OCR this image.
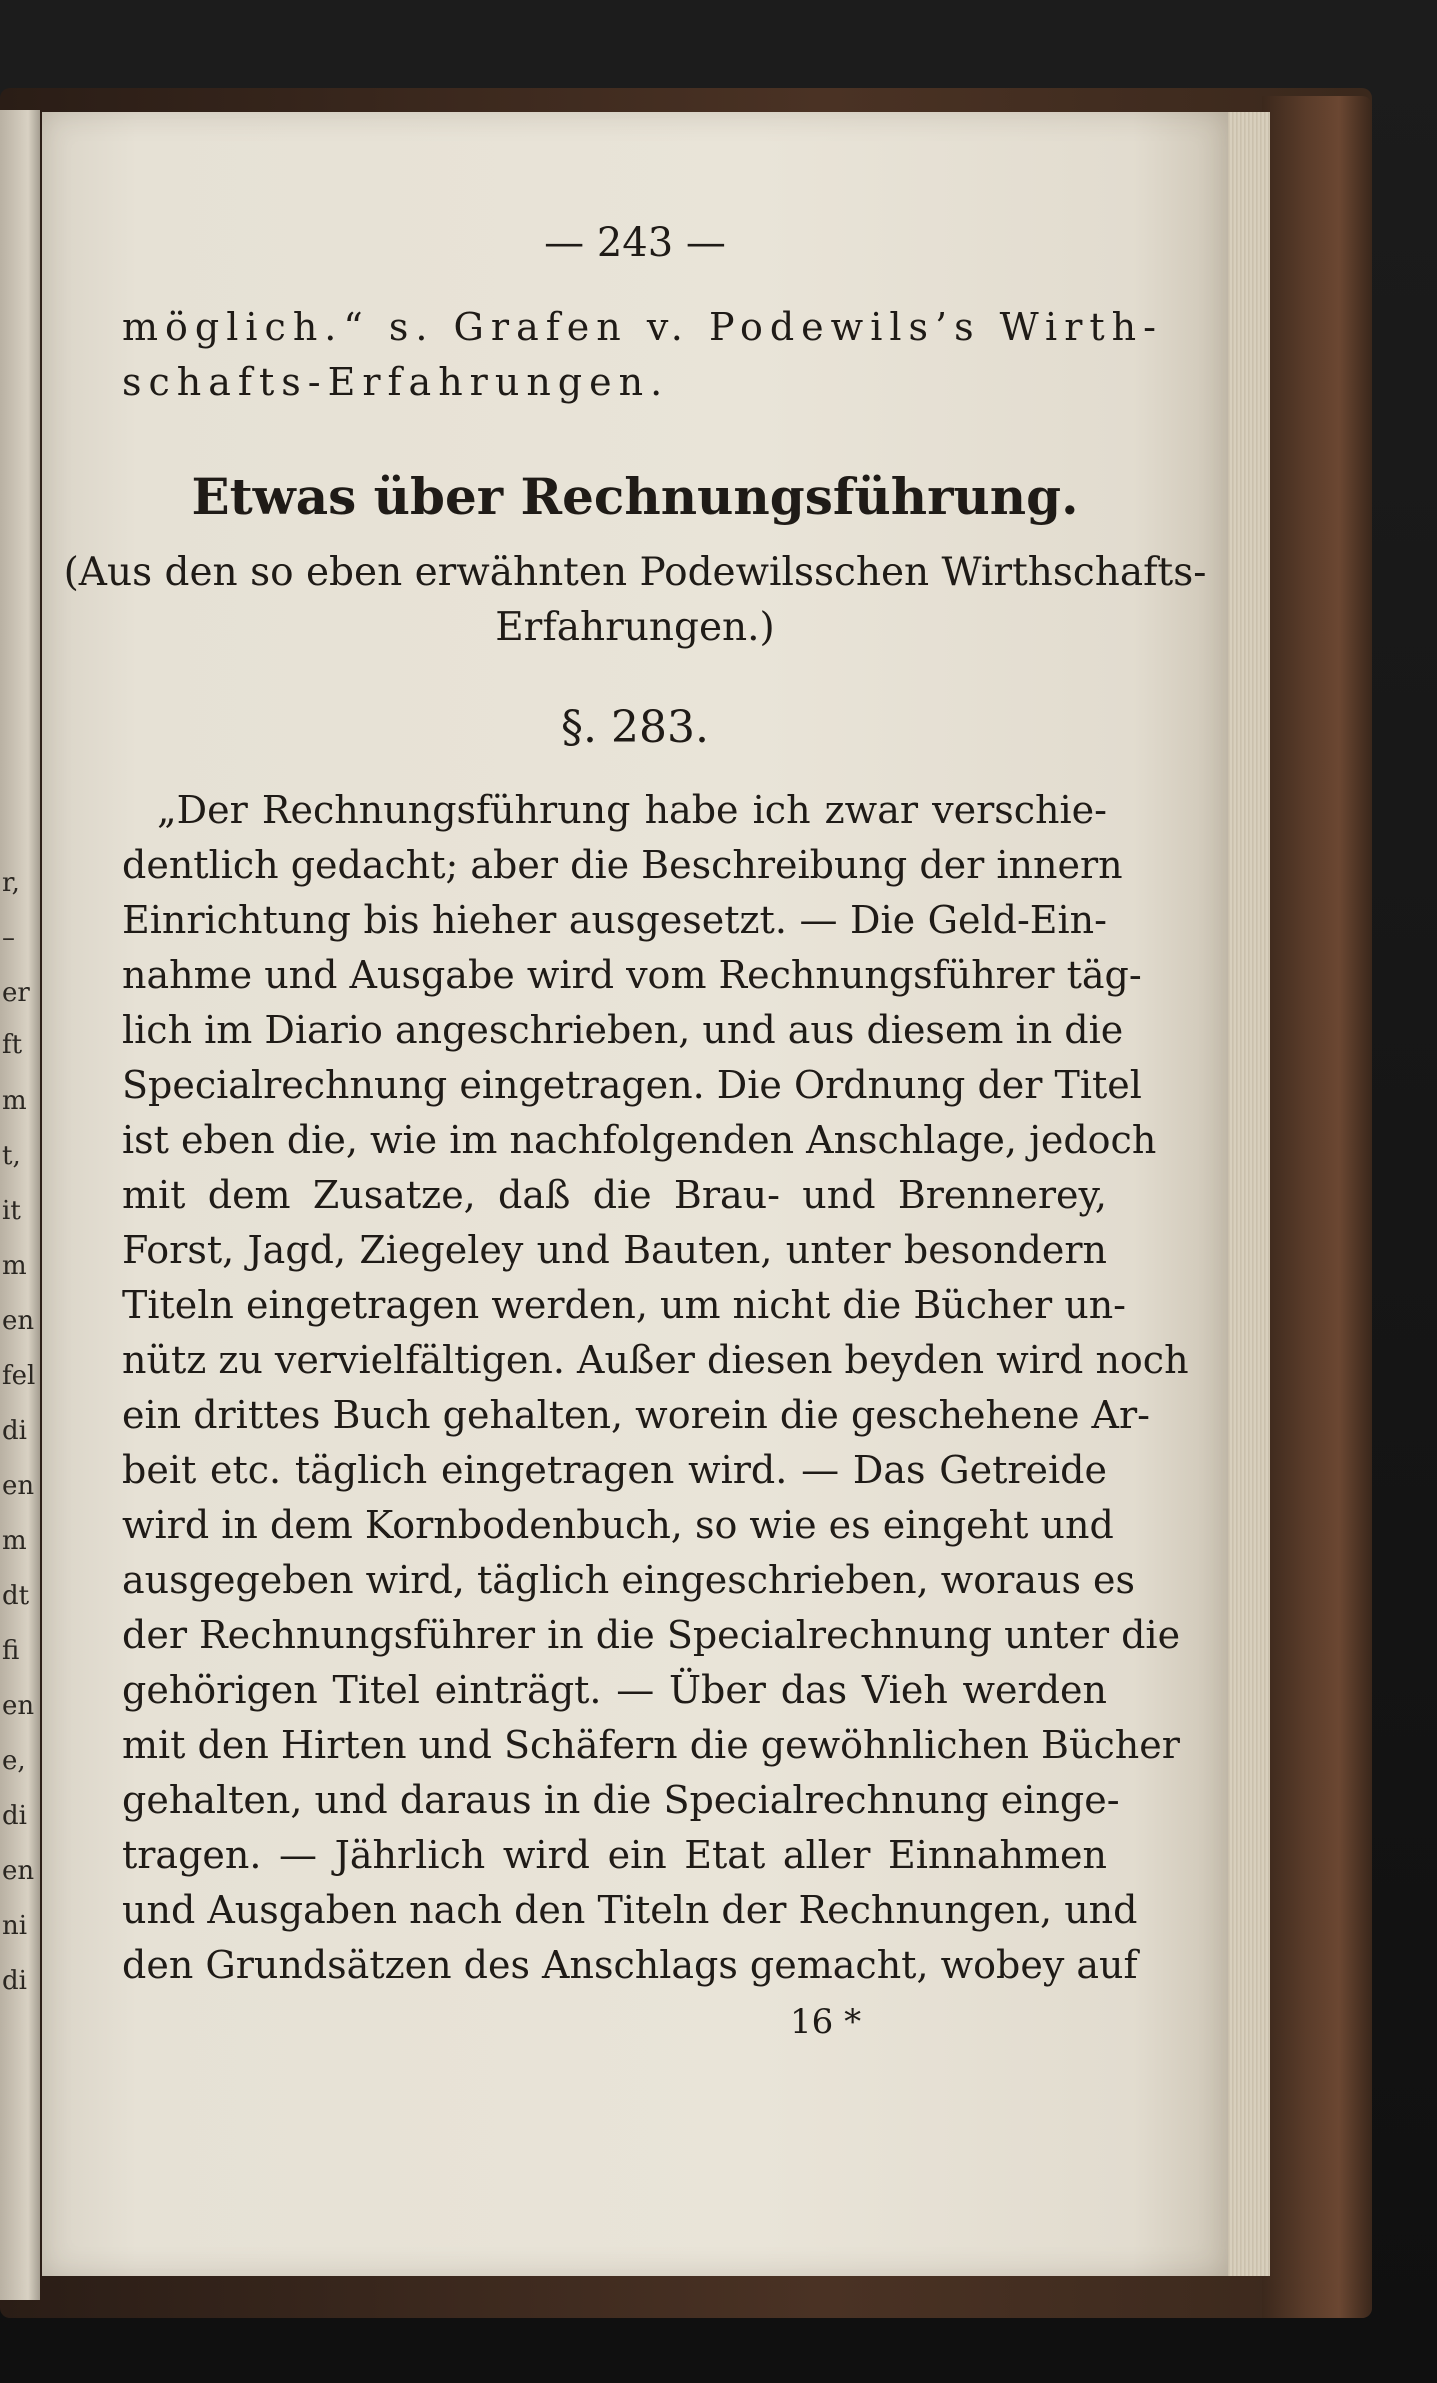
r,
–
er
ft
m
t,
it
m
en
fel
di
en
m
dt
fi
en
e,
di
en
ni
di
— 243 —
möglich.“ s. Grafen v. Podewils’s Wirth-
schafts-Erfahrungen.
Etwas über Rechnungsführung.
(Aus den so eben erwähnten Podewilsschen Wirthschafts-
Erfahrungen.)
§. 283.
„Der Rechnungsführung habe ich zwar verschie-
dentlich gedacht; aber die Beschreibung der innern
Einrichtung bis hieher ausgesetzt. — Die Geld-Ein-
nahme und Ausgabe wird vom Rechnungsführer täg-
lich im Diario angeschrieben, und aus diesem in die
Specialrechnung eingetragen. Die Ordnung der Titel
ist eben die, wie im nachfolgenden Anschlage, jedoch
mit dem Zusatze, daß die Brau- und Brennerey,
Forst, Jagd, Ziegeley und Bauten, unter besondern
Titeln eingetragen werden, um nicht die Bücher un-
nütz zu vervielfältigen. Außer diesen beyden wird noch
ein drittes Buch gehalten, worein die geschehene Ar-
beit etc. täglich eingetragen wird. — Das Getreide
wird in dem Kornbodenbuch, so wie es eingeht und
ausgegeben wird, täglich eingeschrieben, woraus es
der Rechnungsführer in die Specialrechnung unter die
gehörigen Titel einträgt. — Über das Vieh werden
mit den Hirten und Schäfern die gewöhnlichen Bücher
gehalten, und daraus in die Specialrechnung einge-
tragen. — Jährlich wird ein Etat aller Einnahmen
und Ausgaben nach den Titeln der Rechnungen, und
den Grundsätzen des Anschlags gemacht, wobey auf
16 *
